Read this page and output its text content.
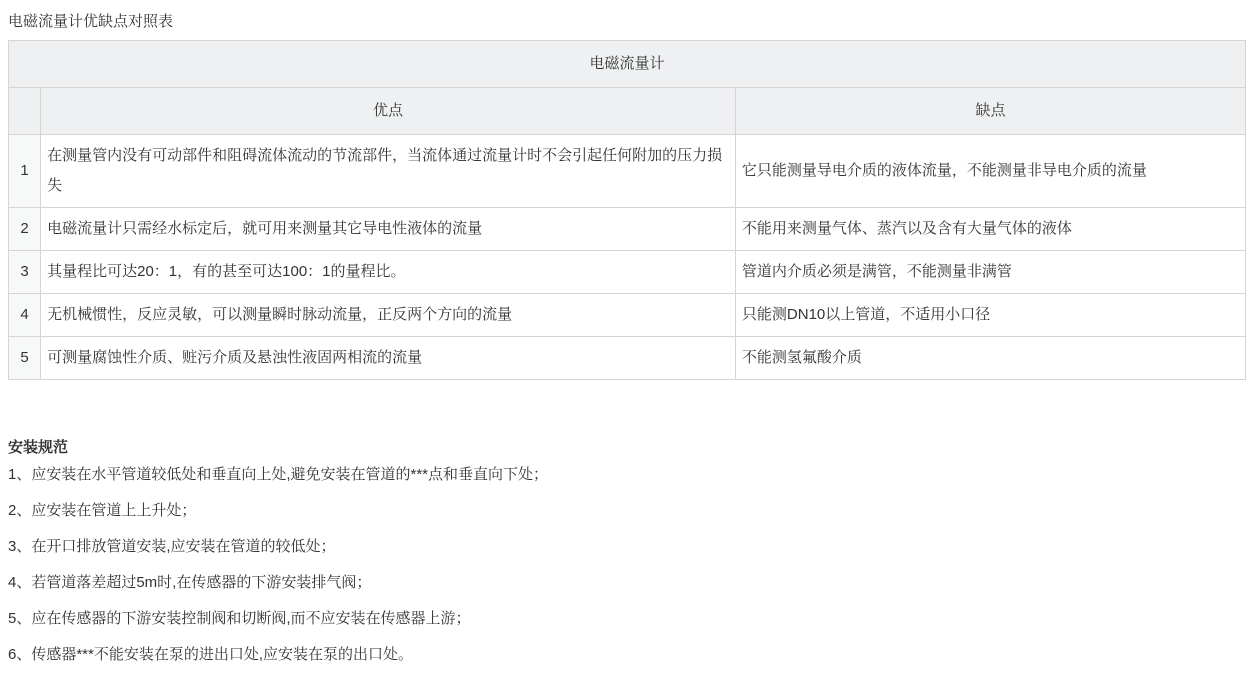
电磁流量计优缺点对照表
电磁流量计		
	优点	缺点
1	在测量管内没有可动部件和阻碍流体流动的节流部件，当流体通过流量计时不会引起任何附加的压力损失	它只能测量导电介质的液体流量，不能测量非导电介质的流量
2	电磁流量计只需经水标定后，就可用来测量其它导电性液体的流量	不能用来测量气体、蒸汽以及含有大量气体的液体
3	其量程比可达20：1，有的甚至可达100：1的量程比。	管道内介质必须是满管，不能测量非满管
4	无机械惯性，反应灵敏，可以测量瞬时脉动流量，正反两个方向的流量	只能测DN10以上管道，不适用小口径
5	可测量腐蚀性介质、赃污介质及悬浊性液固两相流的流量	不能测氢氟酸介质
安装规范
1、应安装在水平管道较低处和垂直向上处,避免安装在管道的***点和垂直向下处；
2、应安装在管道上上升处；
3、在开口排放管道安装,应安装在管道的较低处；
4、若管道落差超过5m时,在传感器的下游安装排气阀；
5、应在传感器的下游安装控制阀和切断阀,而不应安装在传感器上游；
6、传感器***不能安装在泵的进出口处,应安装在泵的出口处。
